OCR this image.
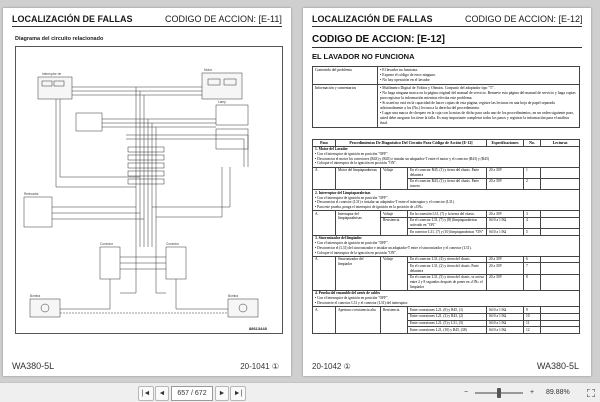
LOCALIZACIÓN DE FALLAS	CODIGO DE ACCION: [E-11]
Diagrama del circuito relacionado
Interruptor de
Motor
Lamp
Relevador
Conector	Conector
Bomba	Bomba
88613448
WA380-5L	20-1041 ①
LOCALIZACIÓN DE FALLAS	CODIGO DE ACCION: [E-12]
CODIGO DE ACCION: [E-12]
EL LAVADOR NO FUNCIONA
Contenido del problema	• El lavador no funciona.
• Expone el código de error ninguno.
• No hay operación en el lavador

Información y comentarios	• Multímetro Digital de Voltios y Ohmios. Conjunto del adaptador tipo "T".
• No haga ninguna marca en la página original del manual de servicio. Renueve esta página del manual de servicio y haga copias para registrar la información mientras efectúa este problema.
• Si usted no está en la capacidad de hacer copias de esta página, registre las lecturas en una hoja de papel separada adicionalmente a los (No.) lectura a la derecha del procedimiento.
• Lugar una marca de chequeo en la caja con la notas de dicho para cada uno de los procedimientos, en un orden siguiente paso, usted debe asegurar los tiene la falla. Es muy importante completar todos los pasos y registrar la información para el análisis final.
Paso	Procedimientos De Diagnóstico Del Circuito Para Código de Acción [E-12]			Especificaciones	No.	Lecturas

1. Motor del Lavador
• Con el interruptor de ignición en posición "OFF".
• Desconectar el motor los conectores (R43) y (R45) e instalar un adaptador-T entre el motor y el conector (R43) y (R45)
• Coloque el interruptor de la ignición en posición "ON".						

A.	Motor del limpiaparabrisas	Voltaje	En el conector R45, (1) y tierra del chasis. Parte delantera	20 a 30V	1	
			En el conector R43, (1) y tierra del chasis. Parte trasera	20 a 30V	2	

2. Interruptor del Limpiaparabrisas
• Con el interruptor de ignición en posición "OFF".
• Desconectar el conector (L31) e instalar un adaptador-T entre el interruptor y el conector (L31).
• Para este prueba, ponga el interruptor de ignición en la posición de «ON»						

A.	Interruptor del limpiaparabrisas	Voltaje	En la conexión L31, (7) y la tierra del chasis.	20 a 30V	3	
		Resistencia	En el conector L31, (7) y (8) (limpiaparabrisas activado en "ON"	Si10 a 1.9Ω	4	
			En conector L31, (7) y (10) limpiaparabrisas "ON"	Si10 a 1.9Ω	5	

3. Sincronizador del limpiador
• Con el interruptor de ignición en posición "OFF".
• Desconectar el (L31) del sincronizador e instalar un adaptador-T entre el sincronizador y el conector (L31).
• Coloque el interruptor de la ignición en posición "ON".						

A.	Sincronizador del limpiador	Voltaje	En el conector L31, (4) y tierra del chasis.	20 a 30V	6	
			En el conector L31, (2) y tierra del chasis. Parte delantera	20 a 30V	7	
			En el conector L31, (5) y tierra del chasis. se activa entre 2 y 8 segundos después de poner en «ON» el limpiador	20 a 30V	8	

4. Prueba del ensamble del arnés de cables
• Con el interruptor de ignición en posición "OFF".
• Desconecte el conector L31 y el conector (L31) del interruptor.						

A.	Apertura o resistencia alta	Resistencia	Entre conexiones L21, (6) y R45, (1)	Si10 a 1.9Ω	9	
			Entre conexiones L21, (2) y R43, (2)	Si10 a 1.9Ω	10	
			Entre conexiones L21, (5) y L31, (3)	Si10 a 1.9Ω	11	
			Entre conexiones L21, (10) y R45, (38)	Si10 a 1.9Ω	12	
20-1042 ①	WA380-5L
|◄	◄	657 / 672	►	►|	−	+	89.88%
